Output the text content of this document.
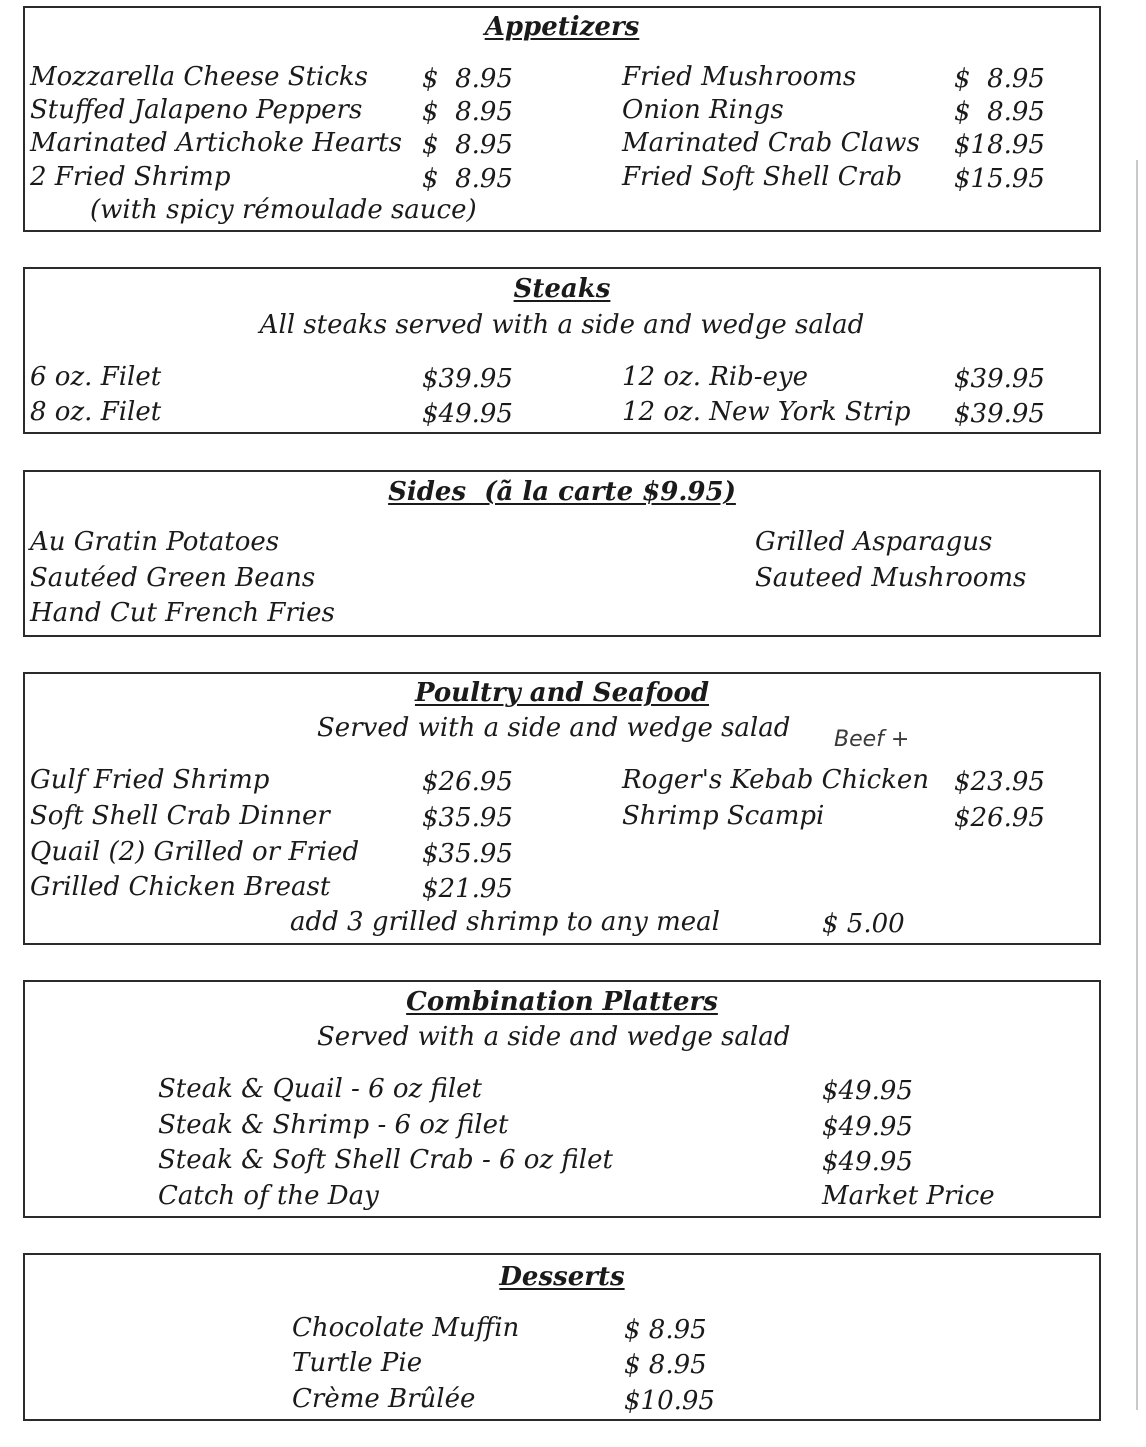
Appetizers
Mozzarella Cheese Sticks $  8.95
Stuffed Jalapeno Peppers $  8.95
Marinated Artichoke Hearts $  8.95
2 Fried Shrimp	$  8.95
(with spicy rémoulade sauce)
Fried Mushrooms	$  8.95
Onion Rings	$  8.95
Marinated Crab Claws $18.95
Fried Soft Shell Crab $15.95
Steaks
All steaks served with a side and wedge salad
6 oz. Filet	$39.95
8 oz. Filet	$49.95
12 oz. Rib-eye	$39.95
12 oz. New York Strip $39.95
Sides  (ã la carte $9.95)
Au Gratin Potatoes
Sautéed Green Beans
Hand Cut French Fries
Grilled Asparagus
Sauteed Mushrooms
Poultry and Seafood
Served with a side and wedge salad Beef +
Gulf Fried Shrimp	$26.95
Soft Shell Crab Dinner	$35.95
Quail (2) Grilled or Fried $35.95
Grilled Chicken Breast	$21.95
Roger's Kebab Chicken $23.95
Shrimp Scampi	$26.95
add 3 grilled shrimp to any meal	$ 5.00
Combination Platters
Served with a side and wedge salad
Steak & Quail - 6 oz filet	$49.95
Steak & Shrimp - 6 oz filet	$49.95
Steak & Soft Shell Crab - 6 oz filet	$49.95
Catch of the Day	Market Price
Desserts
Chocolate Muffin	$ 8.95
Turtle Pie	$ 8.95
Crème Brûlée	$10.95
